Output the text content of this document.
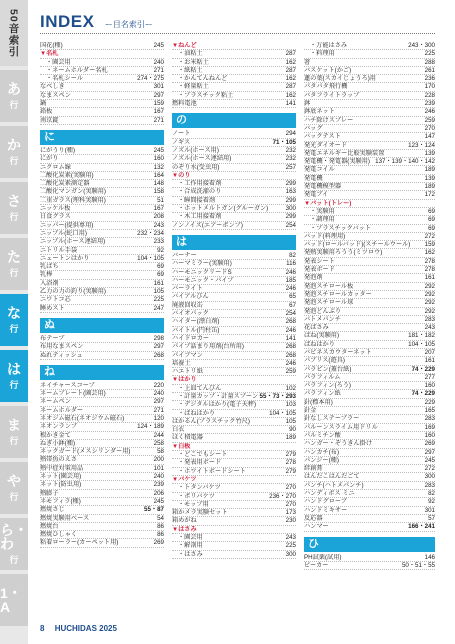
50音索引
あ
行
か
行
さ
行
た
行
な
行
は
行
ま
行
や
行
ら・わ
行
1・A
INDEX ー目名索引ー
国花(種)	245
▼名札
・園芸用	240
・ネームホルダー名札	271
・名札シール	274・275
なべしき	301
なまスペン	297
鍋	159
鉛板	167
南京錠	271
に
にがうり(種)	245
にがり	160
ニクロム線	132
二酸化炭素(実験用)	164
二酸化炭素測定器	148
二酸化マンガン(実験用)	158
二重ガラス(理科実験用)	51
ニッケル板	167
日食グラス	208
ニッパー(提供専用)	243
ニップル(蛇口用)	232・234
ニップル(ホース連結用)	233
ニトリル手袋	92
ニュートンはかり	104・105
乳ばち	69
乳棒	69
入浴剤	161
乙力の力の釣り(実験用)	105
ニワトコ芯	225
睡めスト	247
ぬ
布テープ	298
布用なまスペン	297
ぬれティッシュ	268
ね
ネイチャースコープ	220
ネームプレート(園芸用)	240
ネームペン	297
ネームホルダー	271
ネオジム磁石(ネオジウム磁石)	120
ネオンランプ	124・189
根かき金て	244
ねぎ小鉢(種)	258
ネックガード(メスシリンダー用)	58
熱帯魚のえさ	200
熱中症対策用品	101
ネット(園芸用)	240
ネット(防虫用)	239
熱膨子	206
ネモフィラ(種)	245
燃焼さじ	55・87
燃焼実験用ベース	54
燃焼台	86
燃焼ひしゃく	86
粘着ローラー(カーペット用)	269
▼ねんど
・油粘土	287
・お米粘土	162
・紙粘土	287
・かんてんねんど	162
・軽量粘土	287
・プラスチック粘土	162
燃料電池	141
の
ノート	294
ノギス	71・105
ノズル(ホース用)	232
ノズル(ホース連結用)	232
のぞり水(受虫用)	257
▼のり
・工作用接着剤	299
・合成洗濯のり	163
・瞬間接着剤	299
・ホットメルトガン(グルーガン)	300
・木工用接着剤	299
ノンノイズ(エアーポンプ)	254
は
バーナー	82
ハーマミラー(実験用)	116
ハーモニックリードS	246
ハーモニック・パイプ	185
バーライト	246
バイアルびん	65
廃液回収缶	67
バイオパック	254
ハイター(漂白剤)	268
バイトル(円柱缶)	246
ハイドロカー	141
パイプ話まり用剤(台所用)	268
パイブマン	268
培養土	246
ハエトリ紙	259
▼はかり
・上皿てんびん	102
・計量カップ・計量スプーン 55・73・293
・デジタルはかり(電子天秤)	103
・ばねはかり	104・105
はかるん(プラスチック竹尺)	105
白衣	90
ほく積電器	189
▼白板
・どこでもシート	279
・発表用ボード	278
・ホワイトボードシート	279
▼バケツ
・トタンバケツ	270
・ポリバケツ	236・270
・モップ用	270
箱かメラ実験セット	173
箱めがね	230
▼はさみ
・園芸用	243
・解剖用	225
・はさみ	300
・万能はさみ	243・300
・料理用	225
箸	288
バスケット(かご)	261
蓮の葉(スカイじょうろ)用	236
パタパタ飛行機	170
バタフライトラップ	228
鉢	239
鉢底ネット	246
ハチ除けスプレー	259
バッグ	270
バックテスト	147
発光ダイオード	123・124
発電エネルギー比較実験装置	139
発電機・発電器(実験用) 137・139・140・142
発電コイル	189
発電機	139
発電機模型器	189
発電ブイ	172
▼バット(トレー)
・実験用	69
・調理用	69
・プラスチックバット	69
バッド(料理用)	272
バッド(ロールバッド)(スチールウール) 159
発熱実験用ろうう(ミツロウ)	162
発表シート	278
発表ボード	278
発泡剤	161
発泡スチロール板	292
発泡スチロールカッター	292
発泡スチロール球	292
発泡どんぶり	292
バトメパンチ	283
花ばさみ	243
ばね(実験用)	181・182
ばねはかり	104・105
バビネスカウターネット	207
パブリス(遊具)	161
パラピン(蓋台紙)	74・229
パラフィルム	277
パラフィン(ろう)	160
パラフィン紙	74・229
針(標本用)	229
針金	165
針なしステープラー	283
パルーンスライム用ドリル	169
パルミチン酸	160
ハンガー・ぞうきん掛け	269
ハンカチ(布)	297
パンジー(種)	245
絆創膏	272
はんだこはんだごて	300
パンチ(ハトメパンチ)	283
ハンディボス ミニ	82
ハンドグローブ	92
ハンドミキサー	301
反応器	57
ハンマー	166・241
ひ
PH試薬(試用)	146
ビーカー	50・51・55
8 HUCHIDAS 2025
